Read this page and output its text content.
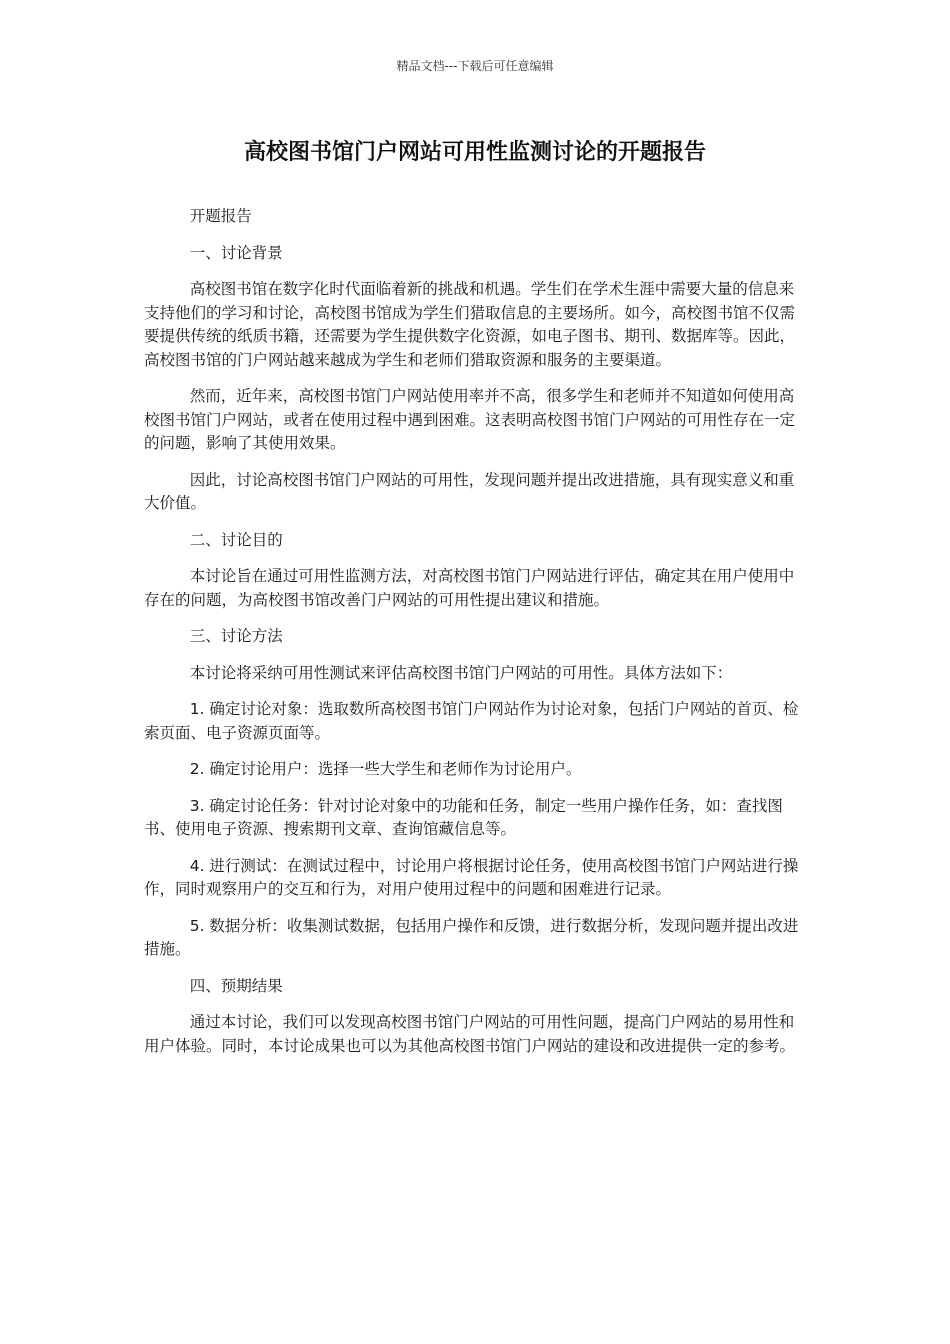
精品文档---下载后可任意编辑
高校图书馆门户网站可用性监测讨论的开题报告

开题报告

一、讨论背景

高校图书馆在数字化时代面临着新的挑战和机遇。学生们在学术生涯中需要大量的信息来支持他们的学习和讨论，高校图书馆成为学生们猎取信息的主要场所。如今，高校图书馆不仅需要提供传统的纸质书籍，还需要为学生提供数字化资源，如电子图书、期刊、数据库等。因此，高校图书馆的门户网站越来越成为学生和老师们猎取资源和服务的主要渠道。

然而，近年来，高校图书馆门户网站使用率并不高，很多学生和老师并不知道如何使用高校图书馆门户网站，或者在使用过程中遇到困难。这表明高校图书馆门户网站的可用性存在一定的问题，影响了其使用效果。

因此，讨论高校图书馆门户网站的可用性，发现问题并提出改进措施，具有现实意义和重大价值。

二、讨论目的

本讨论旨在通过可用性监测方法，对高校图书馆门户网站进行评估，确定其在用户使用中存在的问题，为高校图书馆改善门户网站的可用性提出建议和措施。

三、讨论方法

本讨论将采纳可用性测试来评估高校图书馆门户网站的可用性。具体方法如下：

1. 确定讨论对象：选取数所高校图书馆门户网站作为讨论对象，包括门户网站的首页、检索页面、电子资源页面等。

2. 确定讨论用户：选择一些大学生和老师作为讨论用户。

3. 确定讨论任务：针对讨论对象中的功能和任务，制定一些用户操作任务，如：查找图书、使用电子资源、搜索期刊文章、查询馆藏信息等。

4. 进行测试：在测试过程中，讨论用户将根据讨论任务，使用高校图书馆门户网站进行操作，同时观察用户的交互和行为，对用户使用过程中的问题和困难进行记录。

5. 数据分析：收集测试数据，包括用户操作和反馈，进行数据分析，发现问题并提出改进措施。

四、预期结果

通过本讨论，我们可以发现高校图书馆门户网站的可用性问题，提高门户网站的易用性和用户体验。同时，本讨论成果也可以为其他高校图书馆门户网站的建设和改进提供一定的参考。
